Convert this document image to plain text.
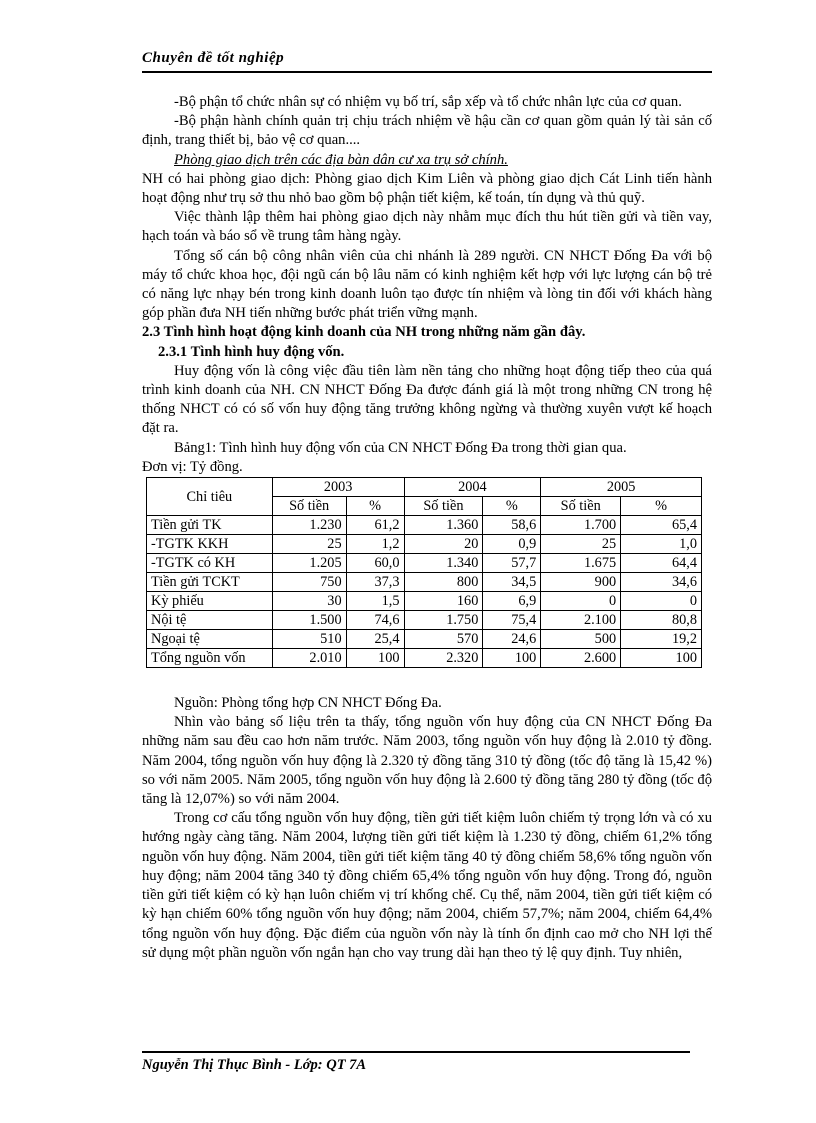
Chuyên đề tốt nghiệp

-Bộ phận tổ chức nhân sự có nhiệm vụ bố trí, sắp xếp và tổ chức nhân lực của cơ quan.

-Bộ phận hành chính quản trị chịu trách nhiệm về hậu cần cơ quan gồm quản lý tài sản cố định, trang thiết bị, bảo vệ cơ quan....

Phòng giao dịch trên các địa bàn dân cư xa trụ sở chính.

NH có hai phòng giao dịch: Phòng giao dịch Kim Liên và phòng giao dịch Cát Linh tiến hành hoạt động như trụ sở thu nhỏ bao gồm bộ phận tiết kiệm, kế toán, tín dụng và thủ quỹ.

Việc thành lập thêm hai phòng giao dịch này nhằm mục đích thu hút tiền gửi và tiền vay, hạch toán và báo sổ về trung tâm hàng ngày.

Tổng số cán bộ công nhân viên của chi nhánh là 289 người. CN NHCT Đống Đa với bộ máy tổ chức khoa học, đội ngũ cán bộ lâu năm có kinh nghiệm kết hợp với lực lượng cán bộ trẻ có năng lực nhạy bén trong kinh doanh luôn tạo được tín nhiệm và lòng tin đối với khách hàng góp phần đưa NH tiến những bước phát triển vững mạnh.

2.3 Tình hình hoạt động kinh doanh của NH trong những năm gần đây.

2.3.1 Tình hình huy động vốn.

Huy động vốn là công việc đầu tiên làm nền tảng cho những hoạt động tiếp theo của quá trình kinh doanh của NH. CN NHCT Đống Đa được đánh giá là một trong những CN trong hệ thống NHCT có có số vốn huy động tăng trưởng không ngừng và thường xuyên vượt kế hoạch đặt ra.

Bảng1: Tình hình huy động vốn của CN NHCT Đống Đa trong thời gian qua.

Đơn vị: Tỷ đồng.

Chỉ tiêu	2003		2004		2005	
	Số tiền	%	Số tiền	%	Số tiền	%
Tiền gửi TK	1.230	61,2	1.360	58,6	1.700	65,4
-TGTK KKH	25	1,2	20	0,9	25	1,0
-TGTK có KH	1.205	60,0	1.340	57,7	1.675	64,4
Tiền gửi TCKT	750	37,3	800	34,5	900	34,6
Kỳ phiếu	30	1,5	160	6,9	0	0
Nội tệ	1.500	74,6	1.750	75,4	2.100	80,8
Ngoại tệ	510	25,4	570	24,6	500	19,2
Tổng nguồn vốn	2.010	100	2.320	100	2.600	100

Nguồn: Phòng tổng hợp CN NHCT Đống Đa.

Nhìn vào bảng số liệu trên ta thấy, tổng nguồn vốn huy động của CN NHCT Đống Đa những năm sau đều cao hơn năm trước. Năm 2003, tổng nguồn vốn huy động là 2.010 tỷ đồng. Năm 2004, tổng nguồn vốn huy động là 2.320 tỷ đồng tăng 310 tỷ đồng (tốc độ tăng là 15,42 %) so với năm 2005. Năm 2005, tổng nguồn vốn huy động là 2.600 tỷ đồng tăng 280 tỷ đồng (tốc độ tăng là 12,07%) so với năm 2004.

Trong cơ cấu tổng nguồn vốn huy động, tiền gửi tiết kiệm luôn chiếm tỷ trọng lớn và có xu hướng ngày càng tăng. Năm 2004, lượng tiền gửi tiết kiệm là 1.230 tỷ đồng, chiếm 61,2% tổng nguồn vốn huy động. Năm 2004, tiền gửi tiết kiệm tăng 40 tỷ đồng chiếm 58,6% tổng nguồn vốn huy động; năm 2004 tăng 340 tỷ đồng chiếm 65,4% tổng nguồn vốn huy động. Trong đó, nguồn tiền gửi tiết kiệm có kỳ hạn luôn chiếm vị trí khống chế. Cụ thể, năm 2004, tiền gửi tiết kiệm có kỳ hạn chiếm 60% tổng nguồn vốn huy động; năm 2004, chiếm 57,7%; năm 2004, chiếm 64,4% tổng nguồn vốn huy động. Đặc điểm của nguồn vốn này là tính ổn định cao mở cho NH lợi thế sử dụng một phần nguồn vốn ngắn hạn cho vay trung dài hạn theo tỷ lệ quy định. Tuy nhiên,

Nguyễn Thị Thục Bình - Lớp: QT 7A
